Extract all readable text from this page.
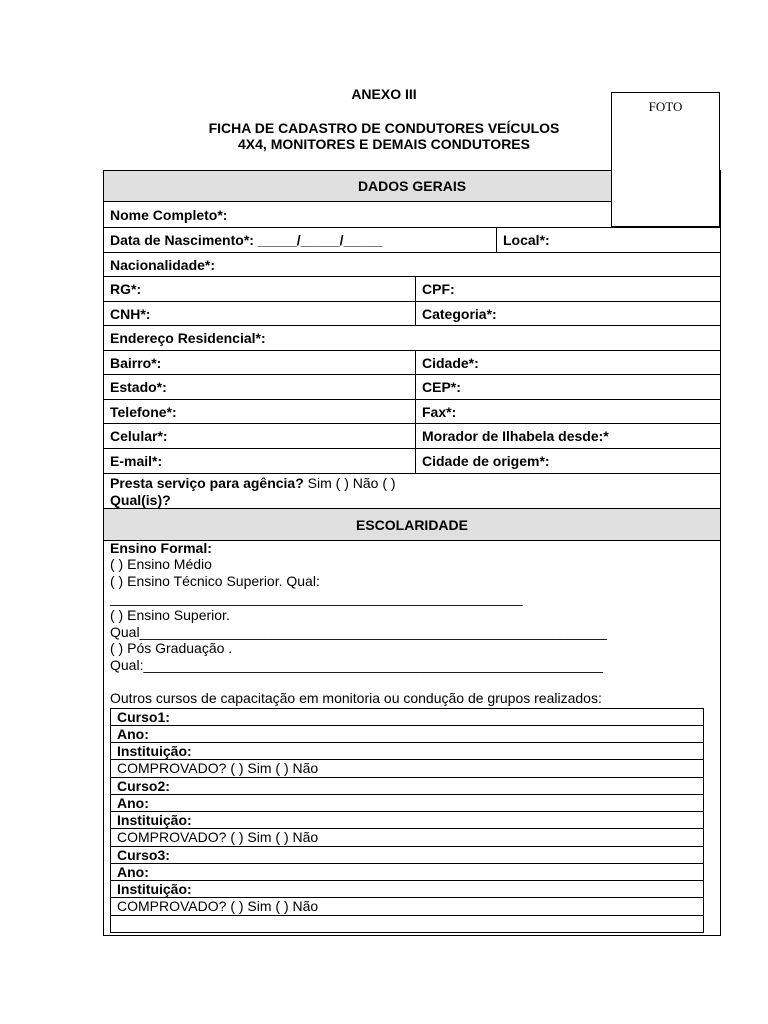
ANEXO III
FICHA DE CADASTRO DE CONDUTORES VEÍCULOS
4X4, MONITORES E DEMAIS CONDUTORES
FOTO
DADOS GERAIS
Nome Completo*:
Data de Nascimento*: _____/_____/_____	Local*:
Nacionalidade*:
RG*:	CPF:
CNH*:	Categoria*:
Endereço Residencial*:
Bairro*:	Cidade*:
Estado*:	CEP*:
Telefone*:	Fax*:
Celular*:	Morador de Ilhabela desde:*
E-mail*:	Cidade de origem*:
Presta serviço para agência? Sim ( ) Não ( )
Qual(is)?
ESCOLARIDADE
Ensino Formal:
( ) Ensino Médio
( ) Ensino Técnico Superior. Qual:
_____________________________________________________
( ) Ensino Superior.
Qual____________________________________________________________
( ) Pós Graduação .
Qual:___________________________________________________________
Outros cursos de capacitação em monitoria ou condução de grupos realizados:
Curso1:
Ano:
Instituição:
COMPROVADO? ( ) Sim ( ) Não
Curso2:
Ano:
Instituição:
COMPROVADO? ( ) Sim ( ) Não
Curso3:
Ano:
Instituição:
COMPROVADO? ( ) Sim ( ) Não
